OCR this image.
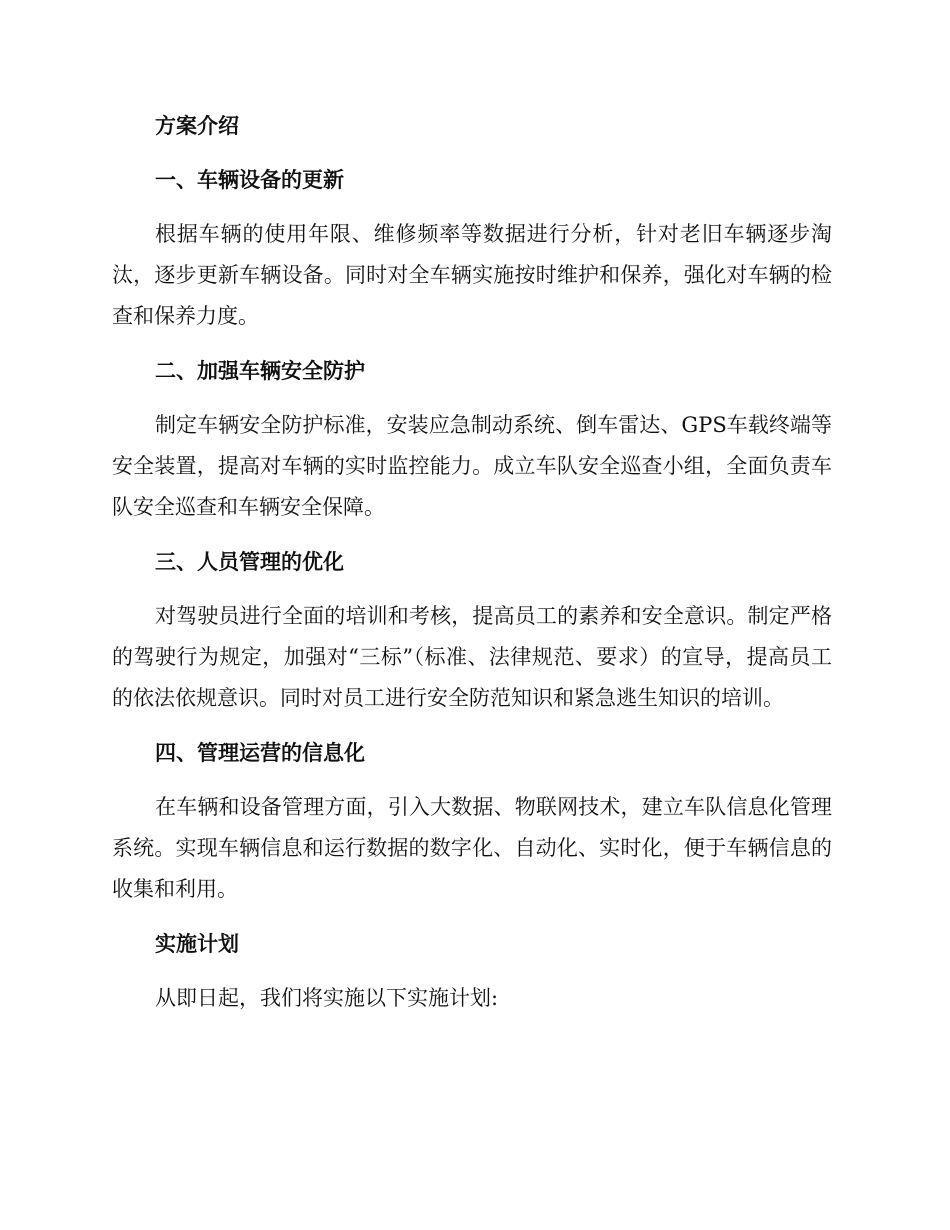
方案介绍
一、车辆设备的更新
根据车辆的使用年限、维修频率等数据进行分析，针对老旧车辆逐步淘汰，逐步更新车辆设备。同时对全车辆实施按时维护和保养，强化对车辆的检查和保养力度。
二、加强车辆安全防护
制定车辆安全防护标准，安装应急制动系统、倒车雷达、GPS车载终端等安全装置，提高对车辆的实时监控能力。成立车队安全巡查小组，全面负责车队安全巡查和车辆安全保障。
三、人员管理的优化
对驾驶员进行全面的培训和考核，提高员工的素养和安全意识。制定严格的驾驶行为规定，加强对“三标”（标准、法律规范、要求）的宣导，提高员工的依法依规意识。同时对员工进行安全防范知识和紧急逃生知识的培训。
四、管理运营的信息化
在车辆和设备管理方面，引入大数据、物联网技术，建立车队信息化管理系统。实现车辆信息和运行数据的数字化、自动化、实时化，便于车辆信息的收集和利用。
实施计划
从即日起，我们将实施以下实施计划:
